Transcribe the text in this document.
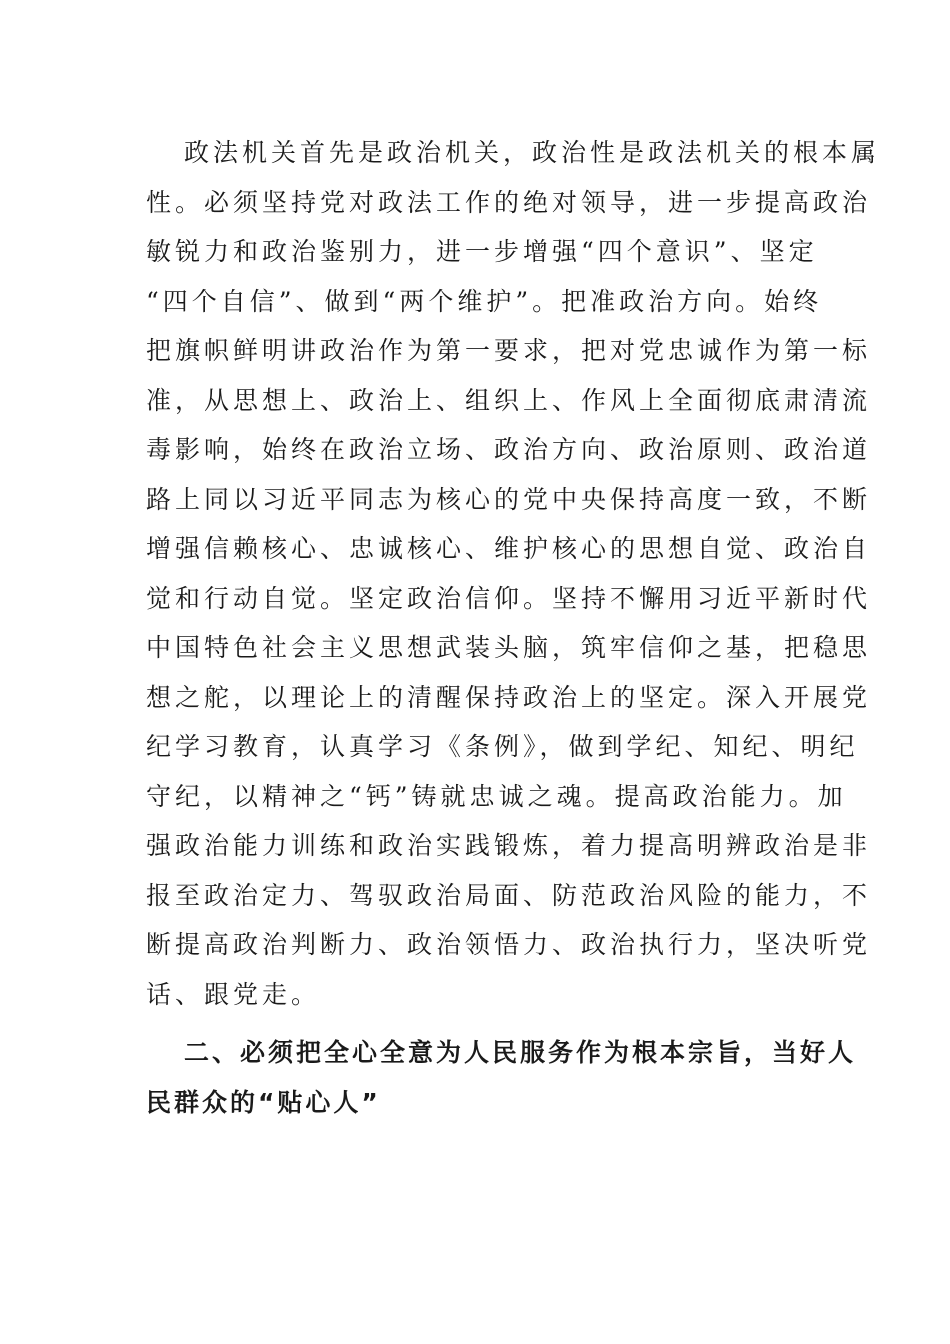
政法机关首先是政治机关，政治性是政法机关的根本属
性。必须坚持党对政法工作的绝对领导，进一步提高政治
敏锐力和政治鉴别力，进一步增强“四个意识”、坚定
“四个自信”、做到“两个维护”。把准政治方向。始终
把旗帜鲜明讲政治作为第一要求，把对党忠诚作为第一标
准，从思想上、政治上、组织上、作风上全面彻底肃清流
毒影响，始终在政治立场、政治方向、政治原则、政治道
路上同以习近平同志为核心的党中央保持高度一致，不断
增强信赖核心、忠诚核心、维护核心的思想自觉、政治自
觉和行动自觉。坚定政治信仰。坚持不懈用习近平新时代
中国特色社会主义思想武装头脑，筑牢信仰之基，把稳思
想之舵，以理论上的清醒保持政治上的坚定。深入开展党
纪学习教育，认真学习《条例》，做到学纪、知纪、明纪
守纪，以精神之“钙”铸就忠诚之魂。提高政治能力。加
强政治能力训练和政治实践锻炼，着力提高明辨政治是非
报至政治定力、驾驭政治局面、防范政治风险的能力，不
断提高政治判断力、政治领悟力、政治执行力，坚决听党
话、跟党走。
二、必须把全心全意为人民服务作为根本宗旨，当好人
民群众的“贴心人”
